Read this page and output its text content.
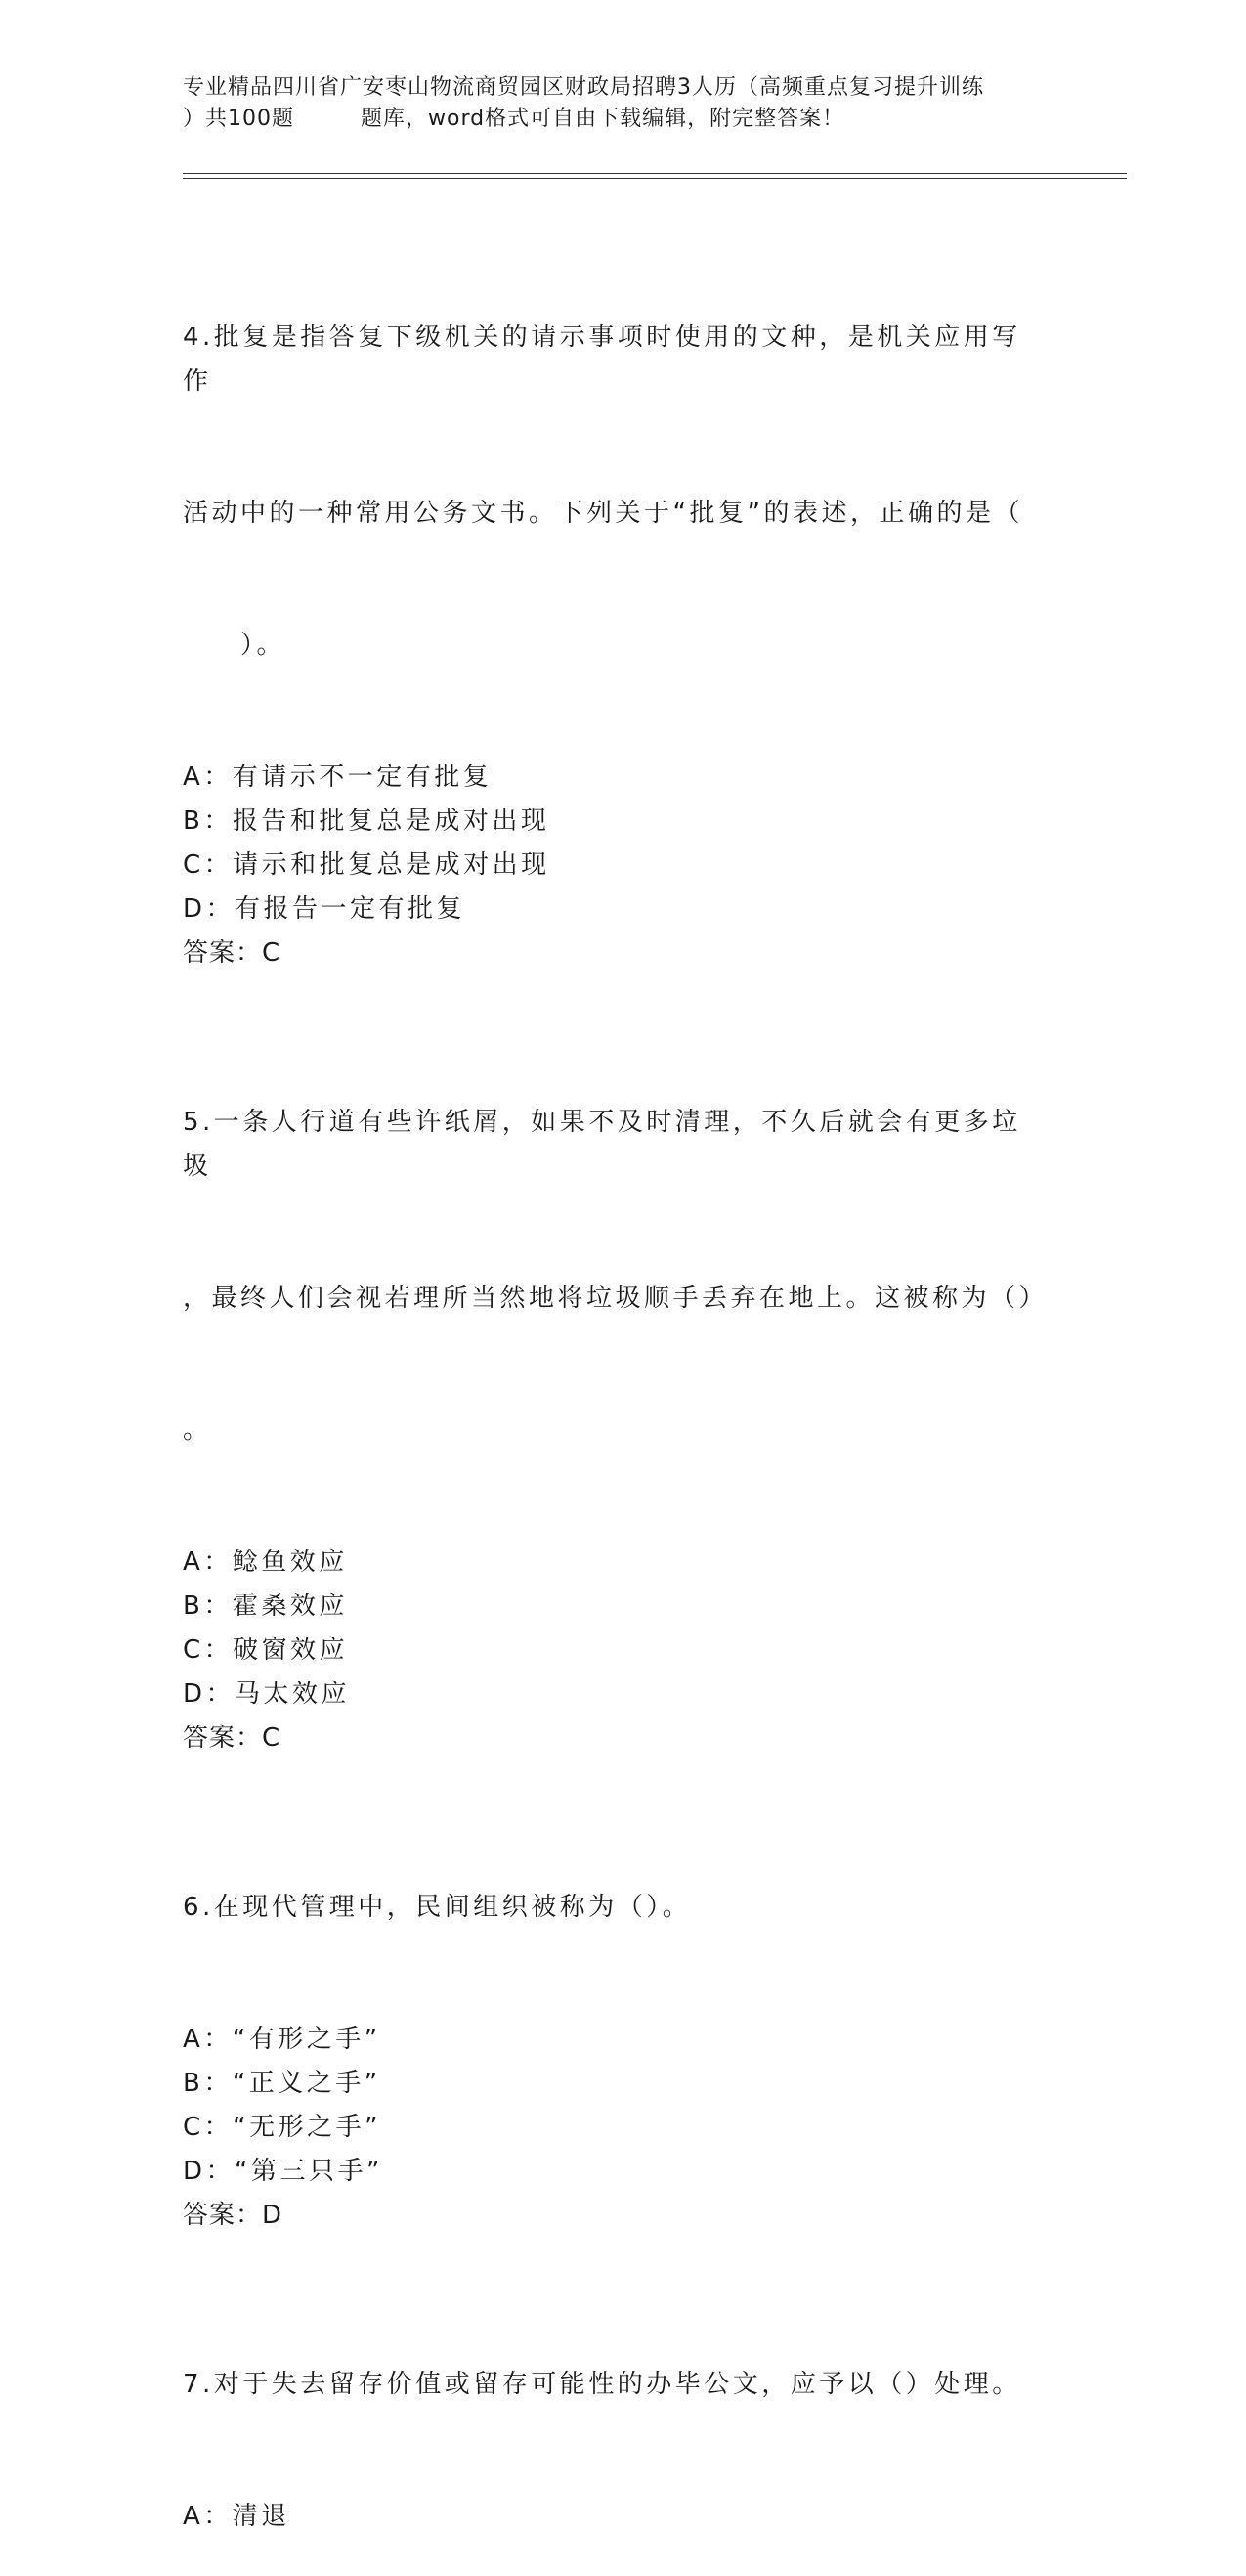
专业精品四川省广安枣山物流商贸园区财政局招聘3人历（高频重点复习提升训练
）共100题	题库，word格式可自由下载编辑，附完整答案！

4.批复是指答复下级机关的请示事项时使用的文种，是机关应用写作

活动中的一种常用公务文书。下列关于“批复”的表述，正确的是（

　　）。

A：有请示不一定有批复
B：报告和批复总是成对出现
C：请示和批复总是成对出现
D：有报告一定有批复
答案：C

5.一条人行道有些许纸屑，如果不及时清理，不久后就会有更多垃圾

，最终人们会视若理所当然地将垃圾顺手丢弃在地上。这被称为（）

。

A：鲶鱼效应
B：霍桑效应
C：破窗效应
D：马太效应
答案：C

6.在现代管理中，民间组织被称为（）。

A：“有形之手”
B：“正义之手”
C：“无形之手”
D：“第三只手”
答案：D

7.对于失去留存价值或留存可能性的办毕公文，应予以（）处理。

A：清退
